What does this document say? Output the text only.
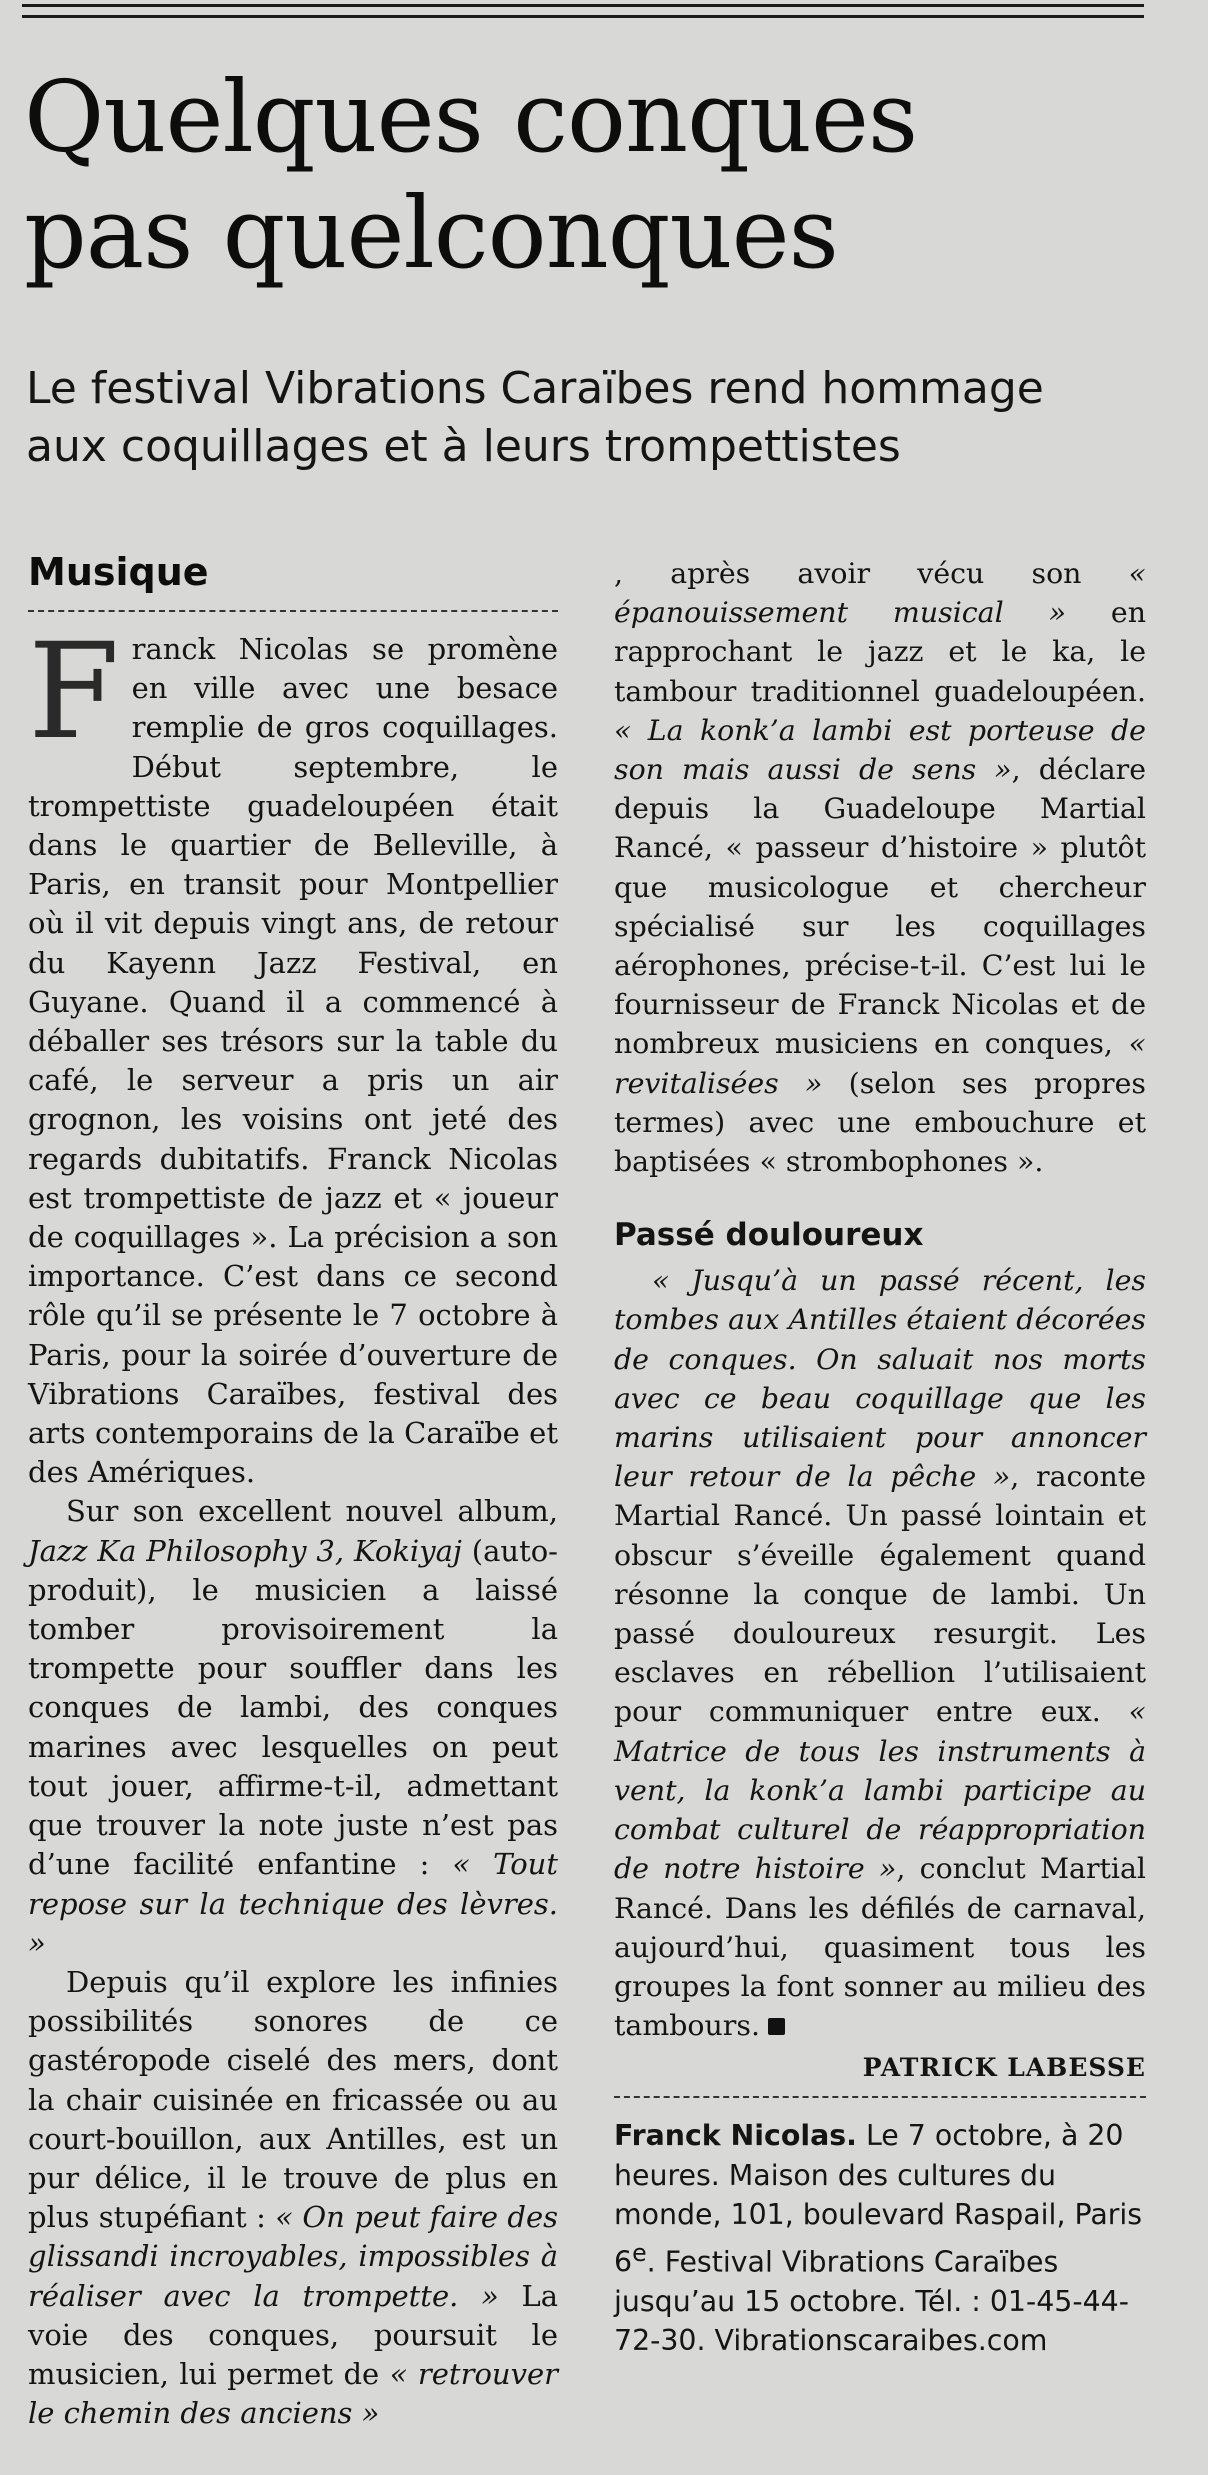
Quelques conques
pas quelconques
Le festival Vibrations Caraïbes rend hommage
aux coquillages et à leurs trompettistes
Musique

Franck Nicolas se promène en ville avec une besace remplie de gros coquillages. Début septembre, le trompettiste guadeloupéen était dans le quartier de Belleville, à Paris, en transit pour Montpellier où il vit depuis vingt ans, de retour du Kayenn Jazz Festival, en Guyane. Quand il a commencé à déballer ses trésors sur la table du café, le serveur a pris un air grognon, les voisins ont jeté des regards dubitatifs. Franck Nicolas est trompettiste de jazz et « joueur de coquillages ». La précision a son importance. C’est dans ce second rôle qu’il se présente le 7 octobre à Paris, pour la soirée d’ouverture de Vibrations Caraïbes, festival des arts contemporains de la Caraïbe et des Amériques.

Sur son excellent nouvel album, Jazz Ka Philosophy 3, Kokiyaj (auto-produit), le musicien a laissé tomber provisoirement la trompette pour souffler dans les conques de lambi, des conques marines avec lesquelles on peut tout jouer, affirme-t-il, admettant que trouver la note juste n’est pas d’une facilité enfantine : « Tout repose sur la technique des lèvres. »

Depuis qu’il explore les infinies possibilités sonores de ce gastéropode ciselé des mers, dont la chair cuisinée en fricassée ou au court-bouillon, aux Antilles, est un pur délice, il le trouve de plus en plus stupéfiant : « On peut faire des glissandi incroyables, impossibles à réaliser avec la trompette. » La voie des conques, poursuit le musicien, lui permet de « retrouver le chemin des anciens »

, après avoir vécu son « épanouissement musical » en rapprochant le jazz et le ka, le tambour traditionnel guadeloupéen. « La konk’a lambi est porteuse de son mais aussi de sens », déclare depuis la Guadeloupe Martial Rancé, « passeur d’histoire » plutôt que musicologue et chercheur spécialisé sur les coquillages aérophones, précise-t-il. C’est lui le fournisseur de Franck Nicolas et de nombreux musiciens en conques, « revitalisées » (selon ses propres termes) avec une embouchure et baptisées « strombophones ».

Passé douloureux

« Jusqu’à un passé récent, les tombes aux Antilles étaient décorées de conques. On saluait nos morts avec ce beau coquillage que les marins utilisaient pour annoncer leur retour de la pêche », raconte Martial Rancé. Un passé lointain et obscur s’éveille également quand résonne la conque de lambi. Un passé douloureux resurgit. Les esclaves en rébellion l’utilisaient pour communiquer entre eux. « Matrice de tous les instruments à vent, la konk’a lambi participe au combat culturel de réappropriation de notre histoire », conclut Martial Rancé. Dans les défilés de carnaval, aujourd’hui, quasiment tous les groupes la font sonner au milieu des tambours.

PATRICK LABESSE

Franck Nicolas. Le 7 octobre, à 20 heures. Maison des cultures du monde, 101, boulevard Raspail, Paris 6e. Festival Vibrations Caraïbes jusqu’au 15 octobre. Tél. : 01-45-44-72-30. Vibrationscaraibes.com
